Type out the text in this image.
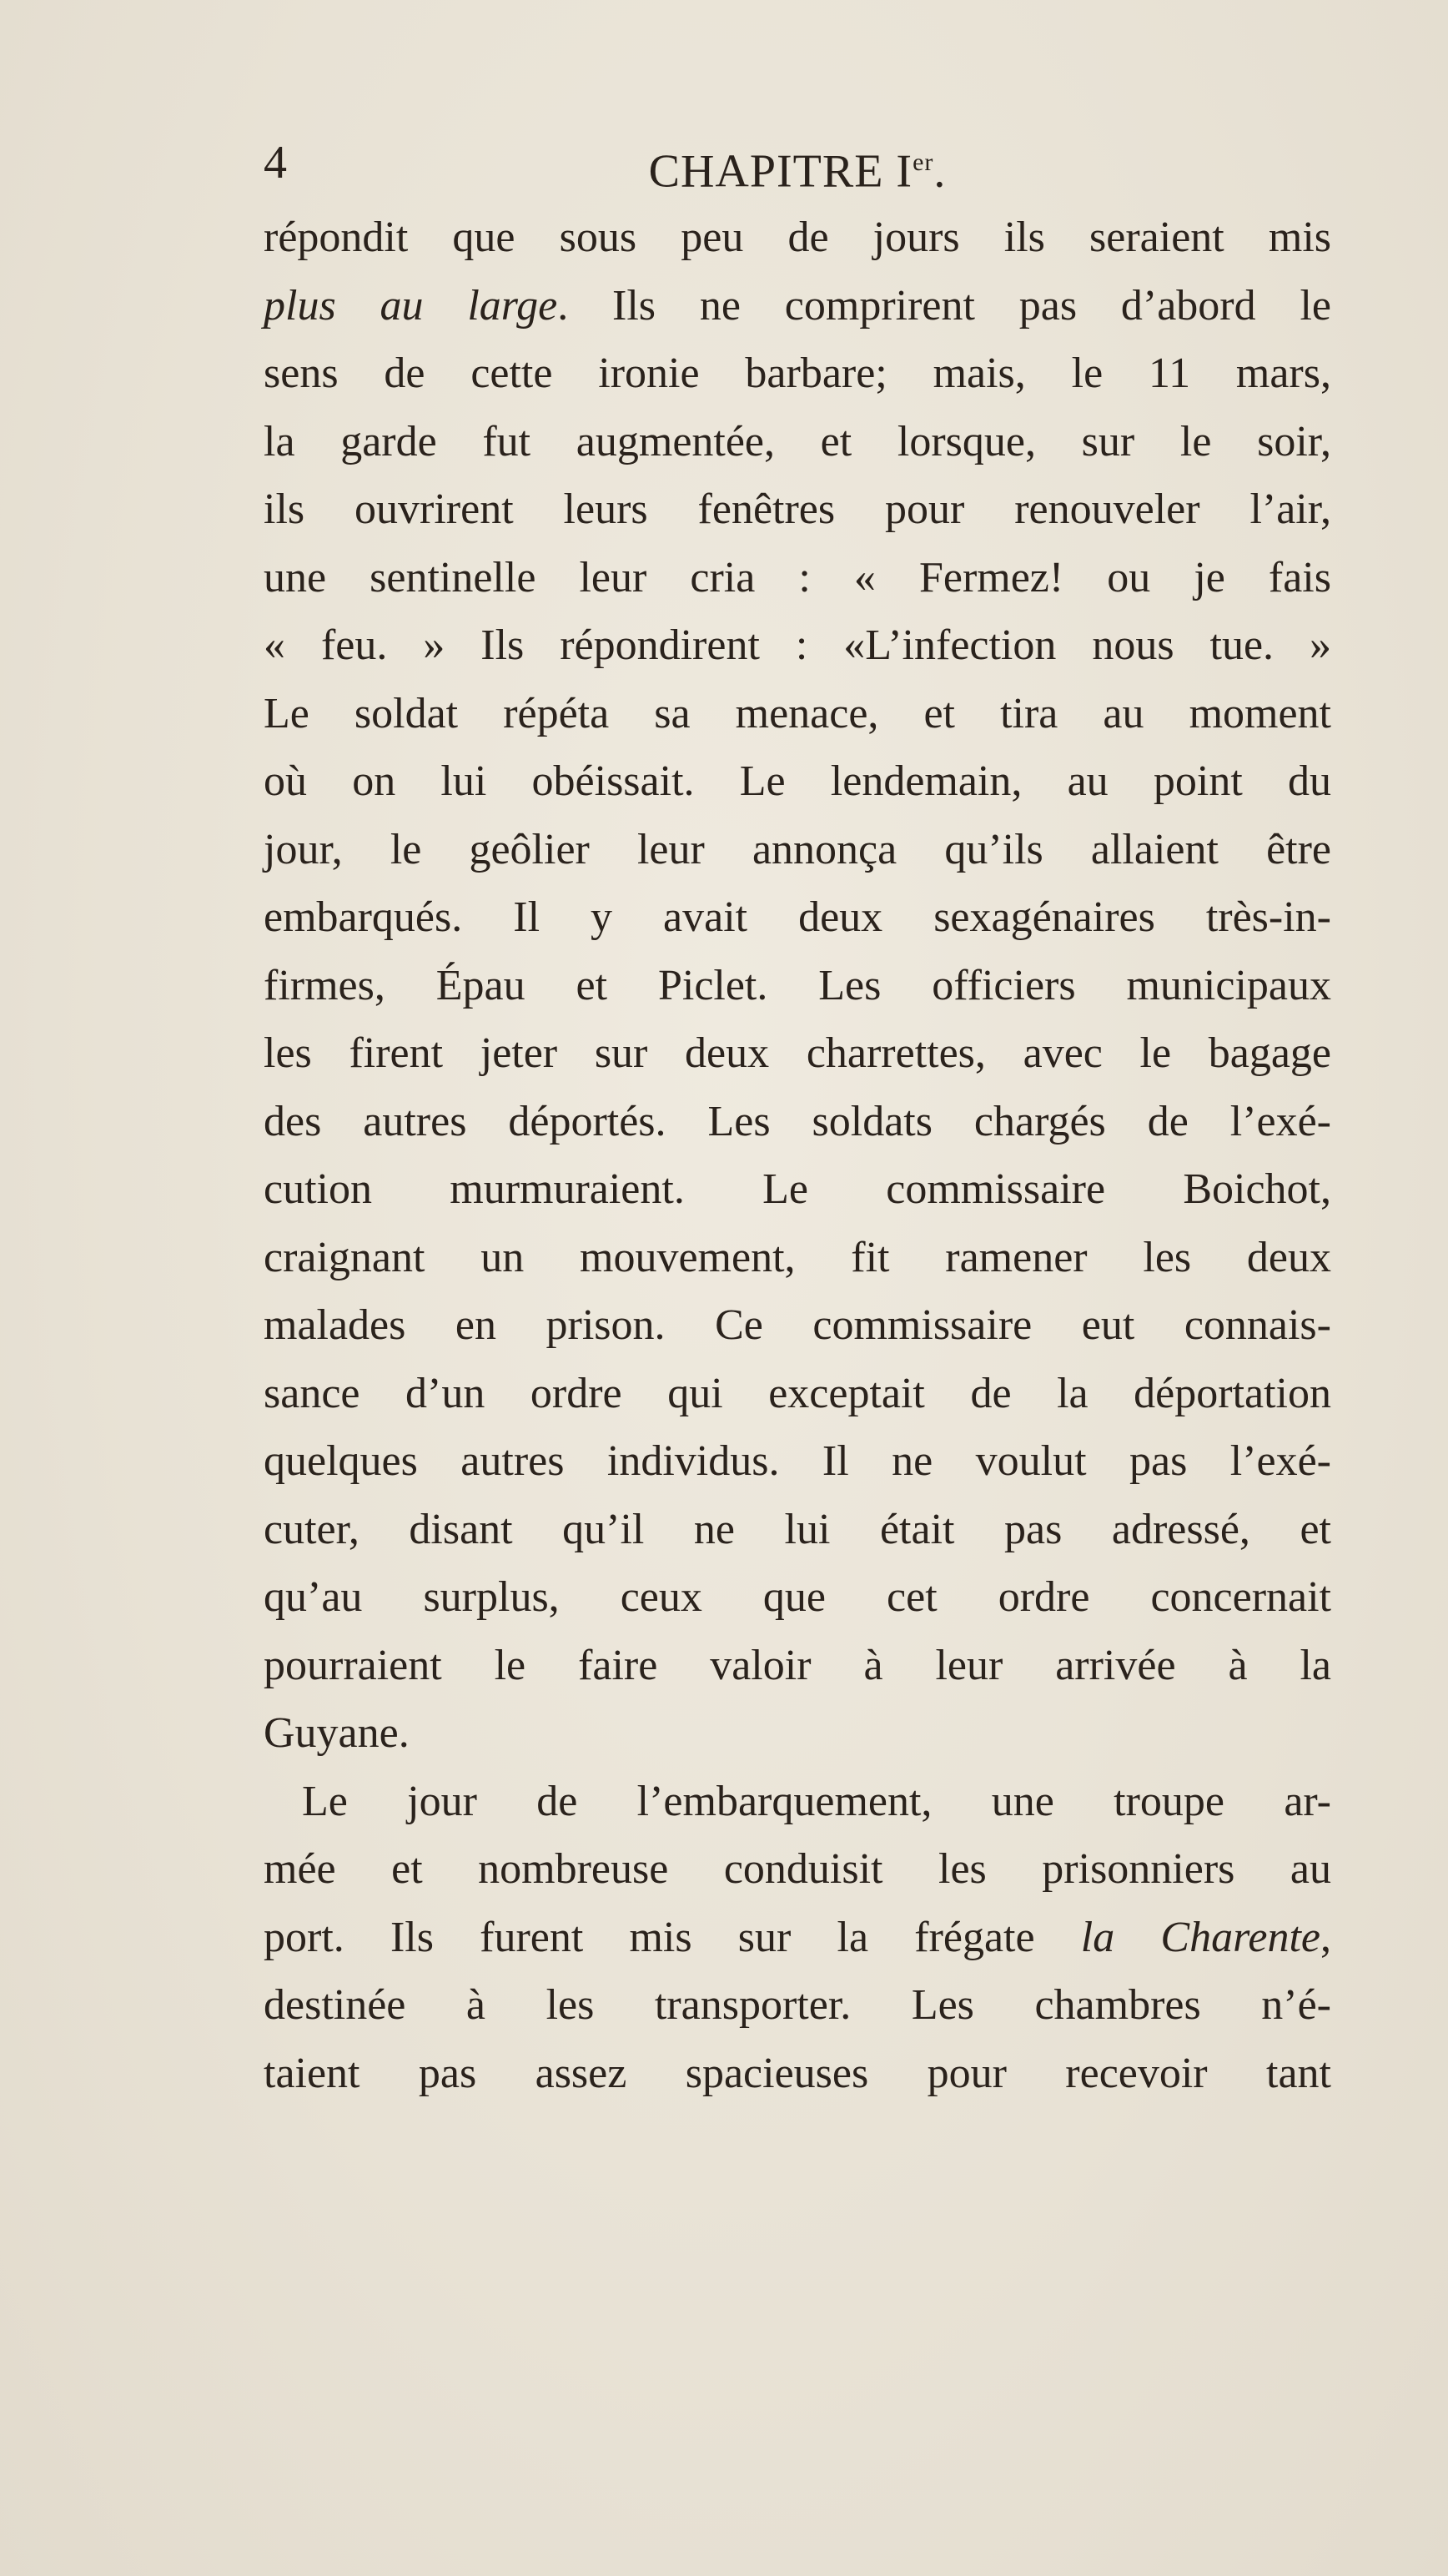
4	CHAPITRE Ier.
répondit que sous peu de jours ils seraient mis
plus au large. Ils ne comprirent pas d’abord le
sens de cette ironie barbare; mais, le 11 mars,
la garde fut augmentée, et lorsque, sur le soir,
ils ouvrirent leurs fenêtres pour renouveler l’air,
une sentinelle leur cria : « Fermez! ou je fais
« feu. » Ils répondirent : «L’infection nous tue. »
Le soldat répéta sa menace, et tira au moment
où on lui obéissait. Le lendemain, au point du
jour, le geôlier leur annonça qu’ils allaient être
embarqués. Il y avait deux sexagénaires très-in-
firmes, Épau et Piclet. Les officiers municipaux
les firent jeter sur deux charrettes, avec le bagage
des autres déportés. Les soldats chargés de l’exé-
cution murmuraient. Le commissaire Boichot,
craignant un mouvement, fit ramener les deux
malades en prison. Ce commissaire eut connais-
sance d’un ordre qui exceptait de la déportation
quelques autres individus. Il ne voulut pas l’exé-
cuter, disant qu’il ne lui était pas adressé, et
qu’au surplus, ceux que cet ordre concernait
pourraient le faire valoir à leur arrivée à la
Guyane.
Le jour de l’embarquement, une troupe ar-
mée et nombreuse conduisit les prisonniers au
port. Ils furent mis sur la frégate la Charente,
destinée à les transporter. Les chambres n’é-
taient pas assez spacieuses pour recevoir tant
